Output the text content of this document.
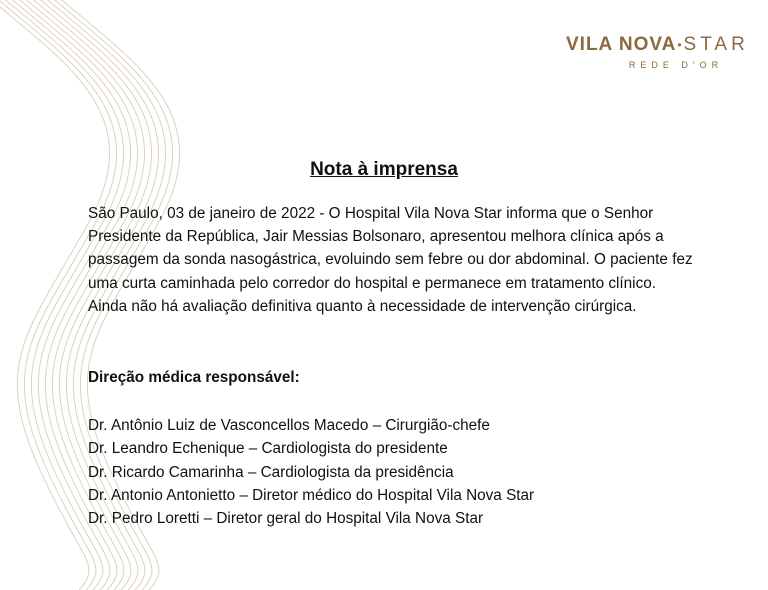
VILA NOVA•STAR
REDE D'OR
Nota à imprensa

São Paulo, 03 de janeiro de 2022 - O Hospital Vila Nova Star informa que o Senhor Presidente da República, Jair Messias Bolsonaro, apresentou melhora clínica após a passagem da sonda nasogástrica, evoluindo sem febre ou dor abdominal. O paciente fez uma curta caminhada pelo corredor do hospital e permanece em tratamento clínico. Ainda não há avaliação definitiva quanto à necessidade de intervenção cirúrgica.

Direção médica responsável:

Dr. Antônio Luiz de Vasconcellos Macedo – Cirurgião-chefe
Dr. Leandro Echenique – Cardiologista do presidente
Dr. Ricardo Camarinha – Cardiologista da presidência
Dr. Antonio Antonietto – Diretor médico do Hospital Vila Nova Star
Dr. Pedro Loretti – Diretor geral do Hospital Vila Nova Star
